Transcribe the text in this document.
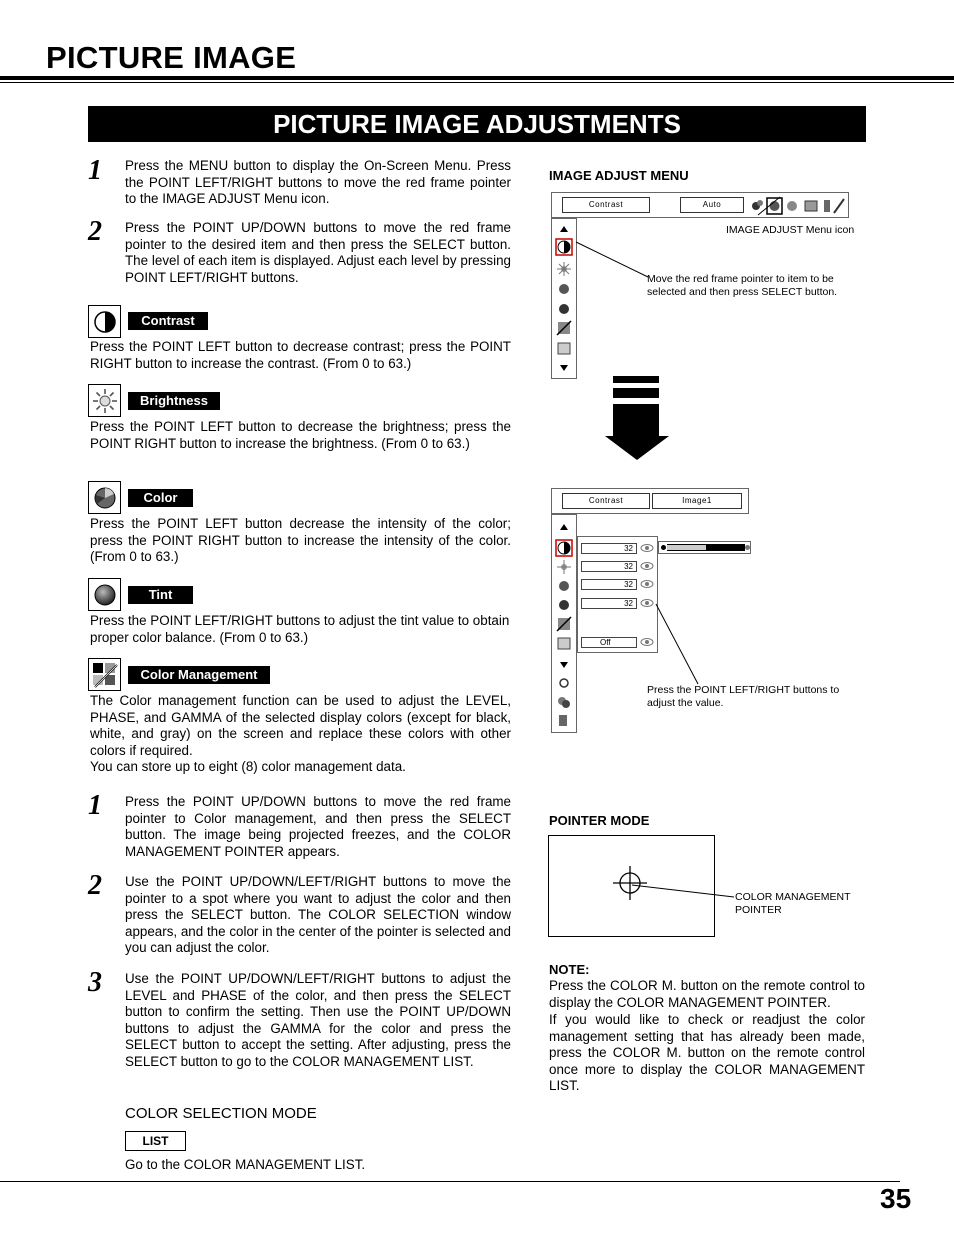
PICTURE IMAGE
PICTURE IMAGE ADJUSTMENTS
1 Press the MENU button to display the On-Screen Menu. Press the POINT LEFT/RIGHT buttons to move the red frame pointer to the IMAGE ADJUST Menu icon.
2 Press the POINT UP/DOWN buttons to move the red frame pointer to the desired item and then press the SELECT button. The level of each item is displayed. Adjust each level by pressing POINT LEFT/RIGHT buttons.
Contrast
Press the POINT LEFT button to decrease contrast; press the POINT RIGHT button to increase the contrast. (From 0 to 63.)
Brightness
Press the POINT LEFT button to decrease the brightness; press the POINT RIGHT button to increase the brightness. (From 0 to 63.)
Color
Press the POINT LEFT button decrease the intensity of the color; press the POINT RIGHT button to increase the intensity of the color. (From 0 to 63.)
Tint
Press the POINT LEFT/RIGHT buttons to adjust the tint value to obtain proper color balance. (From 0 to 63.)
Color Management
The Color management function can be used to adjust the LEVEL, PHASE, and GAMMA of the selected display colors (except for black, white, and gray) on the screen and replace these colors with other colors if required.
You can store up to eight (8) color management data.
1 Press the POINT UP/DOWN buttons to move the red frame pointer to Color management, and then press the SELECT button. The image being projected freezes, and the COLOR MANAGEMENT POINTER appears.
2 Use the POINT UP/DOWN/LEFT/RIGHT buttons to move the pointer to a spot where you want to adjust the color and then press the SELECT button. The COLOR SELECTION window appears, and the color in the center of the pointer is selected and you can adjust the color.
3 Use the POINT UP/DOWN/LEFT/RIGHT buttons to adjust the LEVEL and PHASE of the color, and then press the SELECT button to confirm the setting. Then use the POINT UP/DOWN buttons to adjust the GAMMA for the color and press the SELECT button to accept the setting. After adjusting, press the SELECT button to go to the COLOR MANAGEMENT LIST.
COLOR SELECTION MODE
LIST
Go to the COLOR MANAGEMENT LIST.
IMAGE ADJUST MENU
Contrast	Auto
IMAGE ADJUST Menu icon
Move the red frame pointer to item to be selected and then press SELECT button.
Contrast	Image1
32
32
32
32
Off
Press the POINT LEFT/RIGHT buttons to adjust the value.
POINTER MODE
COLOR MANAGEMENT POINTER
NOTE:
Press the COLOR M. button on the remote control to display the COLOR MANAGEMENT POINTER.
If you would like to check or readjust the color management setting that has already been made, press the COLOR M. button on the remote control once more to display the COLOR MANAGEMENT LIST.
35
